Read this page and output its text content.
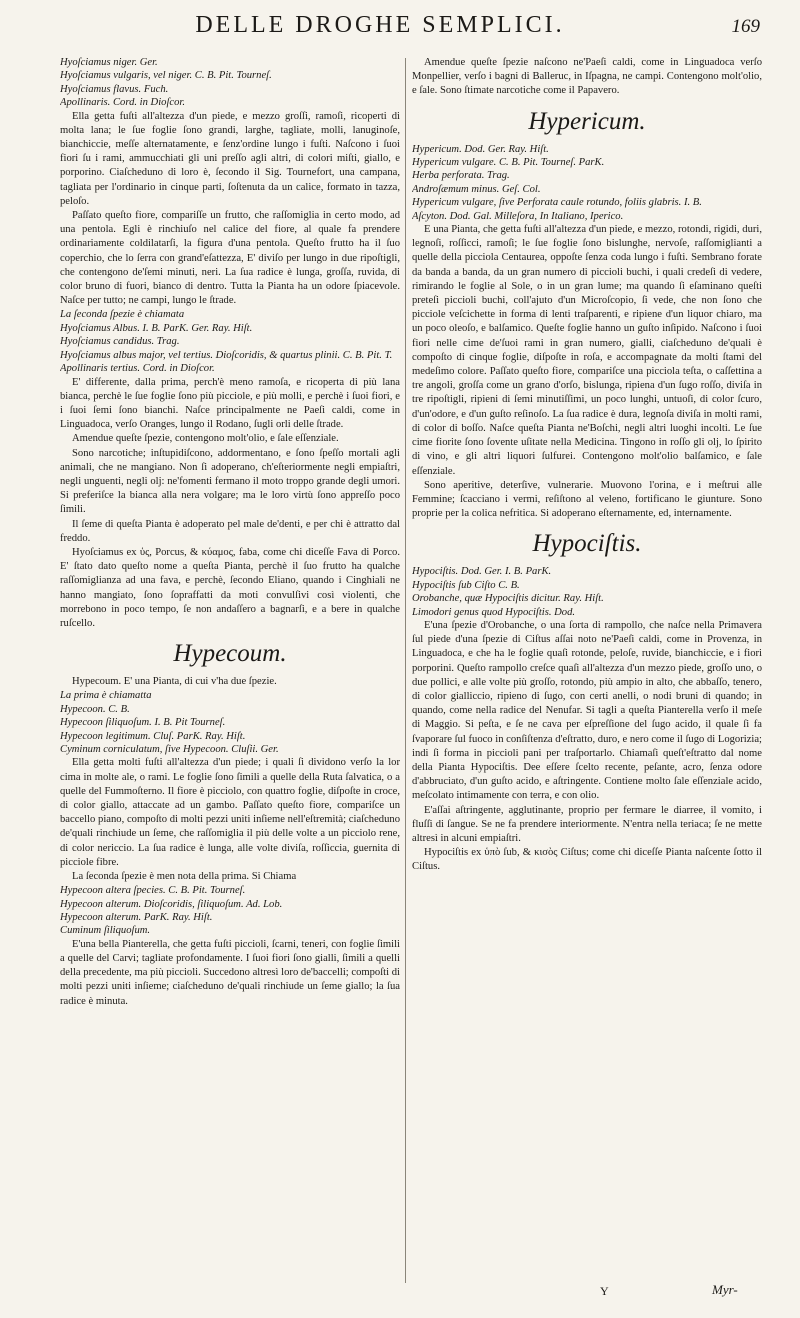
DELLE DROGHE SEMPLICI.	169

Hyoſciamus niger. Ger.

Hyoſciamus vulgaris, vel niger. C. B. Pit. Tourneſ.

Hyoſciamus flavus. Fuch.

Apollinaris. Cord. in Dioſcor.

Ella getta fuſti all'altezza d'un piede, e mezzo groſſi, ramoſi, ricoperti di molta lana; le ſue foglie ſono grandi, larghe, tagliate, molli, lanuginoſe, bianchiccie, meſſe alternatamente, e ſenz'ordine lungo i fuſti. Naſcono i ſuoi fiori ſu i rami, ammucchiati gli uni preſſo agli altri, di colori miſti, giallo, e porporino. Ciaſcheduno di loro è, ſecondo il Sig. Tournefort, una campana, tagliata per l'ordinario in cinque parti, ſoſtenuta da un calice, formato in tazza, peloſo.

Paſſato queſto fiore, compariſſe un frutto, che raſſomiglia in certo modo, ad una pentola. Egli è rinchiuſo nel calice del fiore, al quale fa prendere ordinariamente coldilatarſi, la figura d'una pentola. Queſto frutto ha il ſuo coperchio, che lo ſerra con grand'eſattezza, E' diviſo per lungo in due ripoſtigli, che contengono de'ſemi minuti, neri. La ſua radice è lunga, groſſa, ruvida, di color bruno di fuori, bianco di dentro. Tutta la Pianta ha un odore ſpiacevole. Naſce per tutto; ne campi, lungo le ſtrade.

La ſeconda ſpezie è chiamata

Hyoſciamus Albus. I. B. ParK. Ger. Ray. Hiſt.

Hyoſciamus candidus. Trag.

Hyoſciamus albus major, vel tertius. Dioſcoridis, & quartus plinii. C. B. Pit. T.

Apollinaris tertius. Cord. in Dioſcor.

E' differente, dalla prima, perch'è meno ramoſa, e ricoperta di più lana bianca, perchè le ſue foglie ſono più picciole, e più molli, e perchè i ſuoi fiori, e i ſuoi ſemi ſono bianchi. Naſce principalmente ne Paeſi caldi, come in Linguadoca, verſo Oranges, lungo il Rodano, ſugli orli delle ſtrade.

Amendue queſte ſpezie, contengono molt'olio, e ſale eſſenziale.

Sono narcotiche; inſtupidiſcono, addormentano, e ſono ſpeſſo mortali agli animali, che ne mangiano. Non ſi adoperano, ch'eſteriormente negli empiaſtri, negli unguenti, negli olj: ne'fomenti fermano il moto troppo grande degli umori. Si preferiſce la bianca alla nera volgare; ma le loro virtù ſono appreſſo poco ſimili.

Il ſeme di queſta Pianta è adoperato pel male de'denti, e per chi è attratto dal freddo.

Hyoſciamus ex ὑς, Porcus, & κύαμος, faba, come chi diceſſe Fava di Porco. E' ſtato dato queſto nome a queſta Pianta, perchè il ſuo frutto ha qualche raſſomiglianza ad una fava, e perchè, ſecondo Eliano, quando i Cinghiali ne hanno mangiato, ſono ſopraffatti da moti convulſivi così violenti, che morrebono in poco tempo, ſe non andaſſero a bagnarſi, e a bere in qualche ruſcello.

Hypecoum.

Hypecoum. E' una Pianta, di cui v'ha due ſpezie.

La prima è chiamatta

Hypecoon. C. B.

Hypecoon ſiliquoſum. I. B. Pit Tourneſ.

Hypecoon legitimum. Cluſ. ParK. Ray. Hiſt.

Cyminum corniculatum, ſive Hypecoon. Cluſii. Ger.

Ella getta molti fuſti all'altezza d'un piede; i quali ſi dividono verſo la lor cima in molte ale, o rami. Le foglie ſono ſimili a quelle della Ruta ſalvatica, o a quelle del Fummoſterno. Il fiore è picciolo, con quattro foglie, diſpoſte in croce, di color giallo, attaccate ad un gambo. Paſſato queſto fiore, compariſce un baccello piano, compoſto di molti pezzi uniti inſieme nell'eſtremità; ciaſcheduno de'quali rinchiude un ſeme, che raſſomiglia il più delle volte a un picciolo rene, di color nericcio. La ſua radice è lunga, alle volte diviſa, roſſiccia, guernita di picciole fibre.

La ſeconda ſpezie è men nota della prima. Si Chiama

Hypecoon altera ſpecies. C. B. Pit. Tourneſ.

Hypecoon alterum. Dioſcoridis, ſiliquoſum. Ad. Lob.

Hypecoon alterum. ParK. Ray. Hiſt.

Cuminum ſiliquoſum.

E'una bella Pianterella, che getta fuſti piccioli, ſcarni, teneri, con foglie ſimili a quelle del Carvi; tagliate profondamente. I ſuoi fiori ſono gialli, ſimili a quelli della precedente, ma più piccioli. Succedono altresì loro de'baccelli; compoſti di molti pezzi uniti inſieme; ciaſcheduno de'quali rinchiude un ſeme giallo; la ſua radice è minuta.

Amendue queſte ſpezie naſcono ne'Paeſi caldi, come in Linguadoca verſo Monpellier, verſo i bagni di Balleruc, in Iſpagna, ne campi. Contengono molt'olio, e ſale. Sono ſtimate narcotiche come il Papavero.

Hypericum.

Hypericum. Dod. Ger. Ray. Hiſt.

Hypericum vulgare. C. B. Pit. Tourneſ. ParK.

Herba perforata. Trag.

Androſæmum minus. Geſ. Col.

Hypericum vulgare, ſive Perforata caule rotundo, foliis glabris. I. B.

Aſcyton. Dod. Gal. Milleſora, In Italiano, Iperico.

E una Pianta, che getta fuſti all'altezza d'un piede, e mezzo, rotondi, rigidi, duri, legnoſi, roſſicci, ramoſi; le ſue foglie ſono bislunghe, nervoſe, raſſomiglianti a quelle della picciola Centaurea, oppoſte ſenza coda lungo i fuſti. Sembrano forate da banda a banda, da un gran numero di piccioli buchi, i quali credeſi di vedere, rimirando le foglie al Sole, o in un gran lume; ma quando ſi eſaminano queſti preteſi piccioli buchi, coll'ajuto d'un Microſcopio, ſi vede, che non ſono che picciole veſcichette in forma di lenti traſparenti, e ripiene d'un liquor chiaro, ma un poco oleoſo, e balſamico. Queſte foglie hanno un guſto inſipido. Naſcono i ſuoi fiori nelle cime de'ſuoi rami in gran numero, gialli, ciaſcheduno de'quali è compoſto di cinque foglie, diſpoſte in roſa, e accompagnate da molti ſtami del medeſimo colore. Paſſato queſto fiore, compariſce una picciola teſta, o caſſettina a tre angoli, groſſa come un grano d'orſo, bislunga, ripiena d'un ſugo roſſo, diviſa in tre ripoſtigli, ripieni di ſemi minutiſſimi, un poco lunghi, untuoſi, di color ſcuro, d'un'odore, e d'un guſto reſinoſo. La ſua radice è dura, legnoſa diviſa in molti rami, di color di boſſo. Naſce queſta Pianta ne'Boſchi, negli altri luoghi incolti. Le ſue cime fiorite ſono ſovente uſitate nella Medicina. Tingono in roſſo gli olj, lo ſpirito di vino, e gli altri liquori ſulfurei. Contengono molt'olio balſamico, e ſale eſſenziale.

Sono aperitive, deterſive, vulnerarie. Muovono l'orina, e i meſtrui alle Femmine; ſcacciano i vermi, reſiſtono al veleno, fortificano le giunture. Sono proprie per la colica nefritica. Si adoperano eſternamente, ed, internamente.

Hypociſtis.

Hypociſtis. Dod. Ger. I. B. ParK.

Hypociſtis ſub Ciſto C. B.

Orobanche, quæ Hypociſtis dicitur. Ray. Hiſt.

Limodori genus quod Hypociſtis. Dod.

E'una ſpezie d'Orobanche, o una ſorta di rampollo, che naſce nella Primavera ſul piede d'una ſpezie di Ciſtus aſſai noto ne'Paeſi caldi, come in Provenza, in Linguadoca, e che ha le foglie quaſi rotonde, peloſe, ruvide, bianchiccie, e i fiori porporini. Queſto rampollo creſce quaſi all'altezza d'un mezzo piede, groſſo uno, o due pollici, e alle volte più groſſo, rotondo, più ampio in alto, che abbaſſo, tenero, di color gialliccio, ripieno di ſugo, con certi anelli, o nodi bruni di quando; in quando, come nella radice del Nenufar. Si tagli a queſta Pianterella verſo il meſe di Maggio. Si peſta, e ſe ne cava per eſpreſſione del ſugo acido, il quale ſi fa ſvaporare ſul fuoco in conſiſtenza d'eſtratto, duro, e nero come il ſugo di Logorizia; indi ſi forma in piccioli pani per traſportarlo. Chiamaſi queſt'eſtratto dal nome della Pianta Hypociſtis. Dee eſſere ſcelto recente, peſante, acro, ſenza odore d'abbruciato, d'un guſto acido, e aſtringente. Contiene molto ſale eſſenziale acido, meſcolato intimamente con terra, e con olio.

E'aſſai aſtringente, agglutinante, proprio per fermare le diarree, il vomito, i fluſſi di ſangue. Se ne fa prendere interiormente. N'entra nella teriaca; ſe ne mette altresì in alcuni empiaſtri.

Hypociſtis ex ὑπὸ ſub, & κισὸς Ciſtus; come chi diceſſe Pianta naſcente ſotto il Ciſtus.

Y	Myr-
